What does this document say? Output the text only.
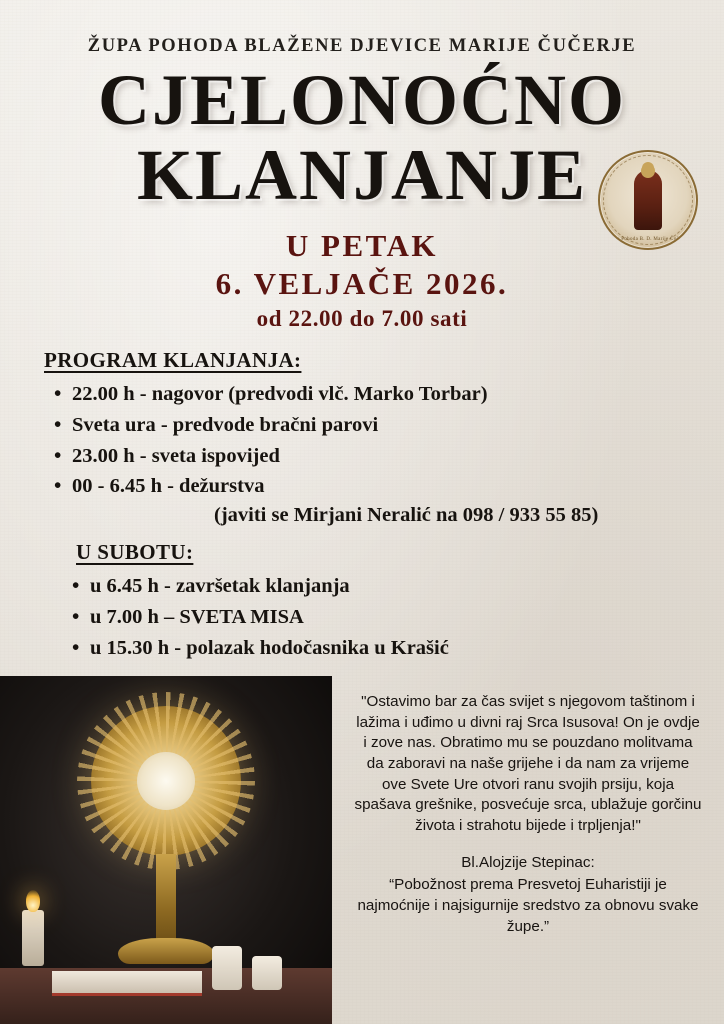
ŽUPA POHODA BLAŽENE DJEVICE MARIJE ČUČERJE
CJELONOĆNO
KLANJANJE
Župa Pohoda B. D. Marije Čučerje
U PETAK
6. VELJAČE 2026.
od 22.00 do 7.00 sati
PROGRAM KLANJANJA:
• 22.00 h - nagovor (predvodi vlč. Marko Torbar)
• Sveta ura - predvode bračni parovi
• 23.00 h - sveta ispovijed
• 00 - 6.45 h - dežurstva
(javiti se Mirjani Neralić na 098 / 933 55 85)
U SUBOTU:
• u 6.45 h - završetak klanjanja
• u 7.00 h – SVETA MISA
• u 15.30 h - polazak hodočasnika u Krašić
"Ostavimo bar za čas svijet s njegovom taštinom i lažima i uđimo u divni raj Srca Isusova! On je ovdje i zove nas. Obratimo mu se pouzdano molitvama da zaboravi na naše grijehe i da nam za vrijeme ove Svete Ure otvori ranu svojih prsiju, koja spašava grešnike, posvećuje srca, ublažuje gorčinu života i strahotu bijede i trpljenja!"
Bl.Alojzije Stepinac:
“Pobožnost prema Presvetoj Euharistiji je najmoćnije i najsigurnije sredstvo za obnovu svake župe.”
